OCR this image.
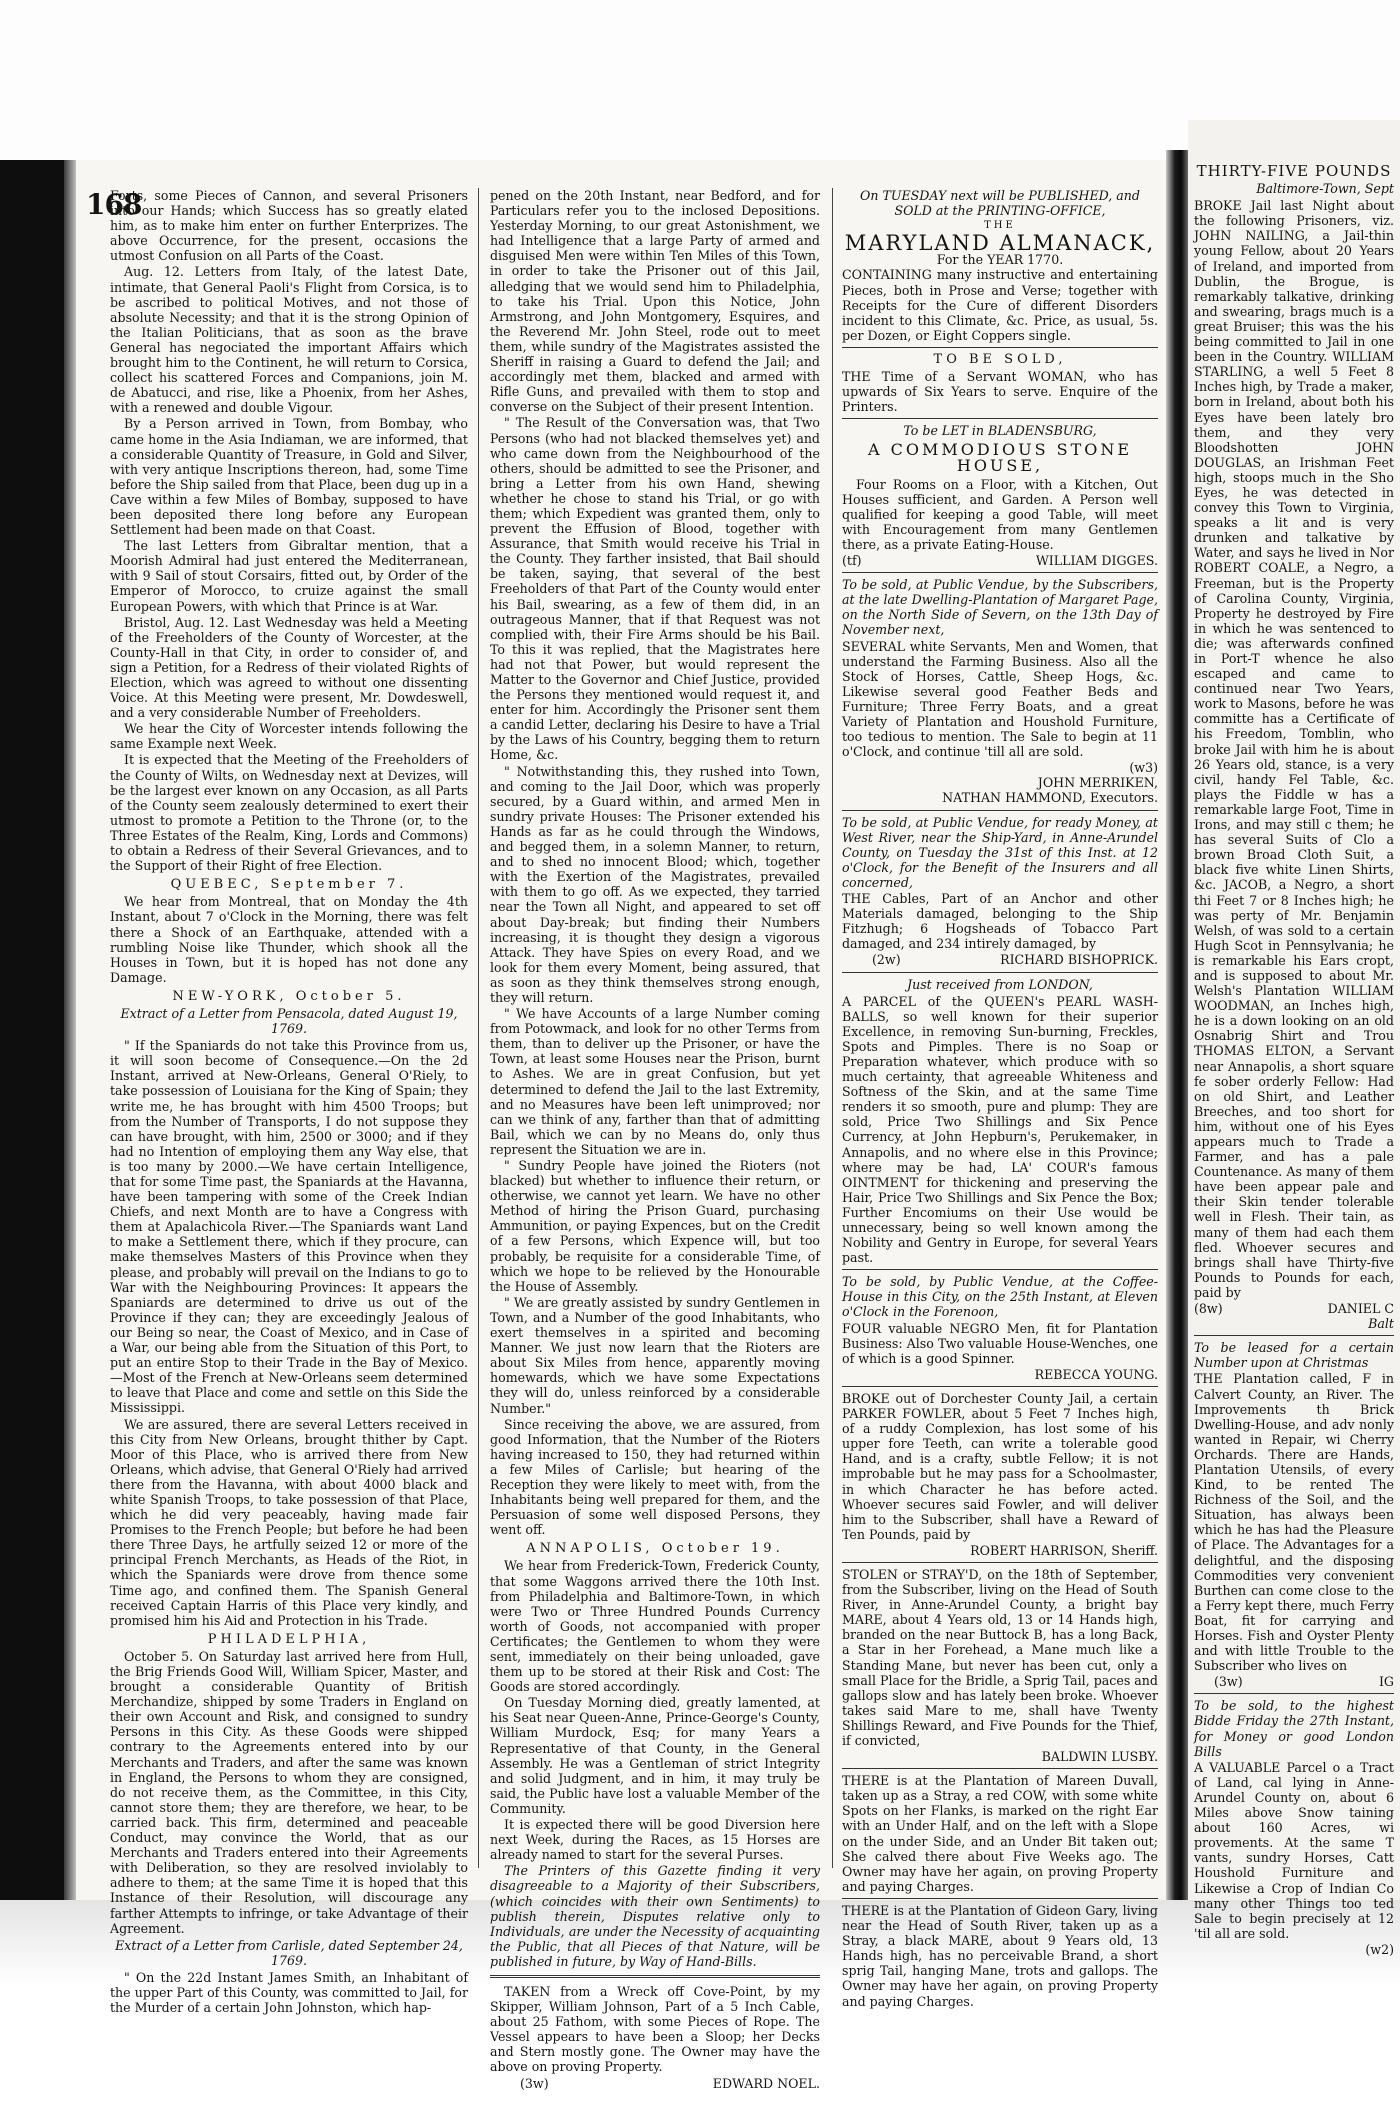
168

Forts, some Pieces of Cannon, and several Prisoners into our Hands; which Success has so greatly elated him, as to make him enter on further Enterprizes. The above Occurrence, for the present, occasions the utmost Confusion on all Parts of the Coast.

Aug. 12. Letters from Italy, of the latest Date, intimate, that General Paoli's Flight from Corsica, is to be ascribed to political Motives, and not those of absolute Necessity; and that it is the strong Opinion of the Italian Politicians, that as soon as the brave General has negociated the important Affairs which brought him to the Continent, he will return to Corsica, collect his scattered Forces and Companions, join M. de Abatucci, and rise, like a Phoenix, from her Ashes, with a renewed and double Vigour.

By a Person arrived in Town, from Bombay, who came home in the Asia Indiaman, we are informed, that a considerable Quantity of Treasure, in Gold and Silver, with very antique Inscriptions thereon, had, some Time before the Ship sailed from that Place, been dug up in a Cave within a few Miles of Bombay, supposed to have been deposited there long before any European Settlement had been made on that Coast.

The last Letters from Gibraltar mention, that a Moorish Admiral had just entered the Mediterranean, with 9 Sail of stout Corsairs, fitted out, by Order of the Emperor of Morocco, to cruize against the small European Powers, with which that Prince is at War.

Bristol, Aug. 12. Last Wednesday was held a Meeting of the Freeholders of the County of Worcester, at the County-Hall in that City, in order to consider of, and sign a Petition, for a Redress of their violated Rights of Election, which was agreed to without one dissenting Voice. At this Meeting were present, Mr. Dowdeswell, and a very considerable Number of Freeholders.

We hear the City of Worcester intends following the same Example next Week.

It is expected that the Meeting of the Freeholders of the County of Wilts, on Wednesday next at Devizes, will be the largest ever known on any Occasion, as all Parts of the County seem zealously determined to exert their utmost to promote a Petition to the Throne (or, to the Three Estates of the Realm, King, Lords and Commons) to obtain a Redress of their Several Grievances, and to the Support of their Right of free Election.

QUEBEC, September 7.

We hear from Montreal, that on Monday the 4th Instant, about 7 o'Clock in the Morning, there was felt there a Shock of an Earthquake, attended with a rumbling Noise like Thunder, which shook all the Houses in Town, but it is hoped has not done any Damage.

NEW-YORK, October 5.
Extract of a Letter from Pensacola, dated August 19, 1769.

" If the Spaniards do not take this Province from us, it will soon become of Consequence.—On the 2d Instant, arrived at New-Orleans, General O'Riely, to take possession of Louisiana for the King of Spain; they write me, he has brought with him 4500 Troops; but from the Number of Transports, I do not suppose they can have brought, with him, 2500 or 3000; and if they had no Intention of employing them any Way else, that is too many by 2000.—We have certain Intelligence, that for some Time past, the Spaniards at the Havanna, have been tampering with some of the Creek Indian Chiefs, and next Month are to have a Congress with them at Apalachicola River.—The Spaniards want Land to make a Settlement there, which if they procure, can make themselves Masters of this Province when they please, and probably will prevail on the Indians to go to War with the Neighbouring Provinces: It appears the Spaniards are determined to drive us out of the Province if they can; they are exceedingly Jealous of our Being so near, the Coast of Mexico, and in Case of a War, our being able from the Situation of this Port, to put an entire Stop to their Trade in the Bay of Mexico.—Most of the French at New-Orleans seem determined to leave that Place and come and settle on this Side the Mississippi.

We are assured, there are several Letters received in this City from New Orleans, brought thither by Capt. Moor of this Place, who is arrived there from New Orleans, which advise, that General O'Riely had arrived there from the Havanna, with about 4000 black and white Spanish Troops, to take possession of that Place, which he did very peaceably, having made fair Promises to the French People; but before he had been there Three Days, he artfully seized 12 or more of the principal French Merchants, as Heads of the Riot, in which the Spaniards were drove from thence some Time ago, and confined them. The Spanish General received Captain Harris of this Place very kindly, and promised him his Aid and Protection in his Trade.

PHILADELPHIA,

October 5. On Saturday last arrived here from Hull, the Brig Friends Good Will, William Spicer, Master, and brought a considerable Quantity of British Merchandize, shipped by some Traders in England on their own Account and Risk, and consigned to sundry Persons in this City. As these Goods were shipped contrary to the Agreements entered into by our Merchants and Traders, and after the same was known in England, the Persons to whom they are consigned, do not receive them, as the Committee, in this City, cannot store them; they are therefore, we hear, to be carried back. This firm, determined and peaceable Conduct, may convince the World, that as our Merchants and Traders entered into their Agreements with Deliberation, so they are resolved inviolably to adhere to them; at the same Time it is hoped that this Instance of their Resolution, will discourage any farther Attempts to infringe, or take Advantage of their Agreement.

Extract of a Letter from Carlisle, dated September 24, 1769.

" On the 22d Instant James Smith, an Inhabitant of the upper Part of this County, was committed to Jail, for the Murder of a certain John Johnston, which hap-

pened on the 20th Instant, near Bedford, and for Particulars refer you to the inclosed Depositions. Yesterday Morning, to our great Astonishment, we had Intelligence that a large Party of armed and disguised Men were within Ten Miles of this Town, in order to take the Prisoner out of this Jail, alledging that we would send him to Philadelphia, to take his Trial. Upon this Notice, John Armstrong, and John Montgomery, Esquires, and the Reverend Mr. John Steel, rode out to meet them, while sundry of the Magistrates assisted the Sheriff in raising a Guard to defend the Jail; and accordingly met them, blacked and armed with Rifle Guns, and prevailed with them to stop and converse on the Subject of their present Intention.

" The Result of the Conversation was, that Two Persons (who had not blacked themselves yet) and who came down from the Neighbourhood of the others, should be admitted to see the Prisoner, and bring a Letter from his own Hand, shewing whether he chose to stand his Trial, or go with them; which Expedient was granted them, only to prevent the Effusion of Blood, together with Assurance, that Smith would receive his Trial in the County. They farther insisted, that Bail should be taken, saying, that several of the best Freeholders of that Part of the County would enter his Bail, swearing, as a few of them did, in an outrageous Manner, that if that Request was not complied with, their Fire Arms should be his Bail. To this it was replied, that the Magistrates here had not that Power, but would represent the Matter to the Governor and Chief Justice, provided the Persons they mentioned would request it, and enter for him. Accordingly the Prisoner sent them a candid Letter, declaring his Desire to have a Trial by the Laws of his Country, begging them to return Home, &c.

" Notwithstanding this, they rushed into Town, and coming to the Jail Door, which was properly secured, by a Guard within, and armed Men in sundry private Houses: The Prisoner extended his Hands as far as he could through the Windows, and begged them, in a solemn Manner, to return, and to shed no innocent Blood; which, together with the Exertion of the Magistrates, prevailed with them to go off. As we expected, they tarried near the Town all Night, and appeared to set off about Day-break; but finding their Numbers increasing, it is thought they design a vigorous Attack. They have Spies on every Road, and we look for them every Moment, being assured, that as soon as they think themselves strong enough, they will return.

" We have Accounts of a large Number coming from Potowmack, and look for no other Terms from them, than to deliver up the Prisoner, or have the Town, at least some Houses near the Prison, burnt to Ashes. We are in great Confusion, but yet determined to defend the Jail to the last Extremity, and no Measures have been left unimproved; nor can we think of any, farther than that of admitting Bail, which we can by no Means do, only thus represent the Situation we are in.

" Sundry People have joined the Rioters (not blacked) but whether to influence their return, or otherwise, we cannot yet learn. We have no other Method of hiring the Prison Guard, purchasing Ammunition, or paying Expences, but on the Credit of a few Persons, which Expence will, but too probably, be requisite for a considerable Time, of which we hope to be relieved by the Honourable the House of Assembly.

" We are greatly assisted by sundry Gentlemen in Town, and a Number of the good Inhabitants, who exert themselves in a spirited and becoming Manner. We just now learn that the Rioters are about Six Miles from hence, apparently moving homewards, which we have some Expectations they will do, unless reinforced by a considerable Number."

Since receiving the above, we are assured, from good Information, that the Number of the Rioters having increased to 150, they had returned within a few Miles of Carlisle; but hearing of the Reception they were likely to meet with, from the Inhabitants being well prepared for them, and the Persuasion of some well disposed Persons, they went off.

ANNAPOLIS, October 19.

We hear from Frederick-Town, Frederick County, that some Waggons arrived there the 10th Inst. from Philadelphia and Baltimore-Town, in which were Two or Three Hundred Pounds Currency worth of Goods, not accompanied with proper Certificates; the Gentlemen to whom they were sent, immediately on their being unloaded, gave them up to be stored at their Risk and Cost: The Goods are stored accordingly.

On Tuesday Morning died, greatly lamented, at his Seat near Queen-Anne, Prince-George's County, William Murdock, Esq; for many Years a Representative of that County, in the General Assembly. He was a Gentleman of strict Integrity and solid Judgment, and in him, it may truly be said, the Public have lost a valuable Member of the Community.

It is expected there will be good Diversion here next Week, during the Races, as 15 Horses are already named to start for the several Purses.

The Printers of this Gazette finding it very disagreeable to a Majority of their Subscribers, (which coincides with their own Sentiments) to publish therein, Disputes relative only to Individuals, are under the Necessity of acquainting the Public, that all Pieces of that Nature, will be published in future, by Way of Hand-Bills.

TAKEN from a Wreck off Cove-Point, by my Skipper, William Johnson, Part of a 5 Inch Cable, about 25 Fathom, with some Pieces of Rope. The Vessel appears to have been a Sloop; her Decks and Stern mostly gone. The Owner may have the above on proving Property.

(3w)	EDWARD NOEL.
On TUESDAY next will be PUBLISHED, and SOLD at the PRINTING-OFFICE,
THE
MARYLAND ALMANACK,
For the YEAR 1770.

CONTAINING many instructive and entertaining Pieces, both in Prose and Verse; together with Receipts for the Cure of different Disorders incident to this Climate, &c. Price, as usual, 5s. per Dozen, or Eight Coppers single.

TO BE SOLD,

THE Time of a Servant WOMAN, who has upwards of Six Years to serve. Enquire of the Printers.

To be LET in BLADENSBURG,
A COMMODIOUS STONE HOUSE,

Four Rooms on a Floor, with a Kitchen, Out Houses sufficient, and Garden. A Person well qualified for keeping a good Table, will meet with Encouragement from many Gentlemen there, as a private Eating-House.

(tf)	WILLIAM DIGGES.

To be sold, at Public Vendue, by the Subscribers, at the late Dwelling-Plantation of Margaret Page, on the North Side of Severn, on the 13th Day of November next,

SEVERAL white Servants, Men and Women, that understand the Farming Business. Also all the Stock of Horses, Cattle, Sheep Hogs, &c. Likewise several good Feather Beds and Furniture; Three Ferry Boats, and a great Variety of Plantation and Houshold Furniture, too tedious to mention. The Sale to begin at 11 o'Clock, and continue 'till all are sold.

(w3)
JOHN MERRIKEN,
NATHAN HAMMOND, Executors.

To be sold, at Public Vendue, for ready Money, at West River, near the Ship-Yard, in Anne-Arundel County, on Tuesday the 31st of this Inst. at 12 o'Clock, for the Benefit of the Insurers and all concerned,

THE Cables, Part of an Anchor and other Materials damaged, belonging to the Ship Fitzhugh; 6 Hogsheads of Tobacco Part damaged, and 234 intirely damaged, by

(2w)	RICHARD BISHOPRICK.
Just received from LONDON,

A PARCEL of the QUEEN's PEARL WASH-BALLS, so well known for their superior Excellence, in removing Sun-burning, Freckles, Spots and Pimples. There is no Soap or Preparation whatever, which produce with so much certainty, that agreeable Whiteness and Softness of the Skin, and at the same Time renders it so smooth, pure and plump: They are sold, Price Two Shillings and Six Pence Currency, at John Hepburn's, Perukemaker, in Annapolis, and no where else in this Province; where may be had, LA' COUR's famous OINTMENT for thickening and preserving the Hair, Price Two Shillings and Six Pence the Box; Further Encomiums on their Use would be unnecessary, being so well known among the Nobility and Gentry in Europe, for several Years past.

To be sold, by Public Vendue, at the Coffee-House in this City, on the 25th Instant, at Eleven o'Clock in the Forenoon,

FOUR valuable NEGRO Men, fit for Plantation Business: Also Two valuable House-Wenches, one of which is a good Spinner.

REBECCA YOUNG.

BROKE out of Dorchester County Jail, a certain PARKER FOWLER, about 5 Feet 7 Inches high, of a ruddy Complexion, has lost some of his upper fore Teeth, can write a tolerable good Hand, and is a crafty, subtle Fellow; it is not improbable but he may pass for a Schoolmaster, in which Character he has before acted. Whoever secures said Fowler, and will deliver him to the Subscriber, shall have a Reward of Ten Pounds, paid by

ROBERT HARRISON, Sheriff.

STOLEN or STRAY'D, on the 18th of September, from the Subscriber, living on the Head of South River, in Anne-Arundel County, a bright bay MARE, about 4 Years old, 13 or 14 Hands high, branded on the near Buttock B, has a long Back, a Star in her Forehead, a Mane much like a Standing Mane, but never has been cut, only a small Place for the Bridle, a Sprig Tail, paces and gallops slow and has lately been broke. Whoever takes said Mare to me, shall have Twenty Shillings Reward, and Five Pounds for the Thief, if convicted,

BALDWIN LUSBY.

THERE is at the Plantation of Mareen Duvall, taken up as a Stray, a red COW, with some white Spots on her Flanks, is marked on the right Ear with an Under Half, and on the left with a Slope on the under Side, and an Under Bit taken out; She calved there about Five Weeks ago. The Owner may have her again, on proving Property and paying Charges.

THERE is at the Plantation of Gideon Gary, living near the Head of South River, taken up as a Stray, a black MARE, about 9 Years old, 13 Hands high, has no perceivable Brand, a short sprig Tail, hanging Mane, trots and gallops. The Owner may have her again, on proving Property and paying Charges.

THIRTY-FIVE POUNDS
Baltimore-Town, Sept

BROKE Jail last Night about the following Prisoners, viz. JOHN NAILING, a Jail-thin young Fellow, about 20 Years of Ireland, and imported from Dublin, the Brogue, is remarkably talkative, drinking and swearing, brags much is a great Bruiser; this was the his being committed to Jail in one been in the Country. WILLIAM STARLING, a well 5 Feet 8 Inches high, by Trade a maker, born in Ireland, about both his Eyes have been lately bro them, and they very Bloodshotten JOHN DOUGLAS, an Irishman Feet high, stoops much in the Sho Eyes, he was detected in convey this Town to Virginia, speaks a lit and is very drunken and talkative by Water, and says he lived in Nor ROBERT COALE, a Negro, a Freeman, but is the Property of Carolina County, Virginia, Property he destroyed by Fire in which he was sentenced to die; was afterwards confined in Port-T whence he also escaped and came to continued near Two Years, work to Masons, before he was committe has a Certificate of his Freedom, Tomblin, who broke Jail with him he is about 26 Years old, stance, is a very civil, handy Fel Table, &c. plays the Fiddle w has a remarkable large Foot, Time in Irons, and may still c them; he has several Suits of Clo a brown Broad Cloth Suit, a black five white Linen Shirts, &c. JACOB, a Negro, a short thi Feet 7 or 8 Inches high; he was perty of Mr. Benjamin Welsh, of was sold to a certain Hugh Scot in Pennsylvania; he is remarkable his Ears cropt, and is supposed to about Mr. Welsh's Plantation WILLIAM WOODMAN, an Inches high, he is a down looking on an old Osnabrig Shirt and Trou THOMAS ELTON, a Servant near Annapolis, a short square fe sober orderly Fellow: Had on old Shirt, and Leather Breeches, and too short for him, without one of his Eyes appears much to Trade a Farmer, and has a pale Countenance. As many of them have been appear pale and their Skin tender tolerable well in Flesh. Their tain, as many of them had each them fled. Whoever secures and brings shall have Thirty-five Pounds to Pounds for each, paid by

(8w)	DANIEL C
Balt

To be leased for a certain Number upon at Christmas

THE Plantation called, F in Calvert County, an River. The Improvements th Brick Dwelling-House, and adv nonly wanted in Repair, wi Cherry Orchards. There are Hands, Plantation Utensils, of every Kind, to be rented The Richness of the Soil, and the Situation, has always been which he has had the Pleasure of Place. The Advantages for a delightful, and the disposing Commodities very convenient Burthen can come close to the a Ferry kept there, much Ferry Boat, fit for carrying and Horses. Fish and Oyster Plenty and with little Trouble to the Subscriber who lives on

(3w)	IG

To be sold, to the highest Bidde Friday the 27th Instant, for Money or good London Bills

A VALUABLE Parcel o a Tract of Land, cal lying in Anne-Arundel County on, about 6 Miles above Snow taining about 160 Acres, wi provements. At the same T vants, sundry Horses, Catt Houshold Furniture and Likewise a Crop of Indian Co many other Things too ted Sale to begin precisely at 12 'til all are sold.

(w2)
